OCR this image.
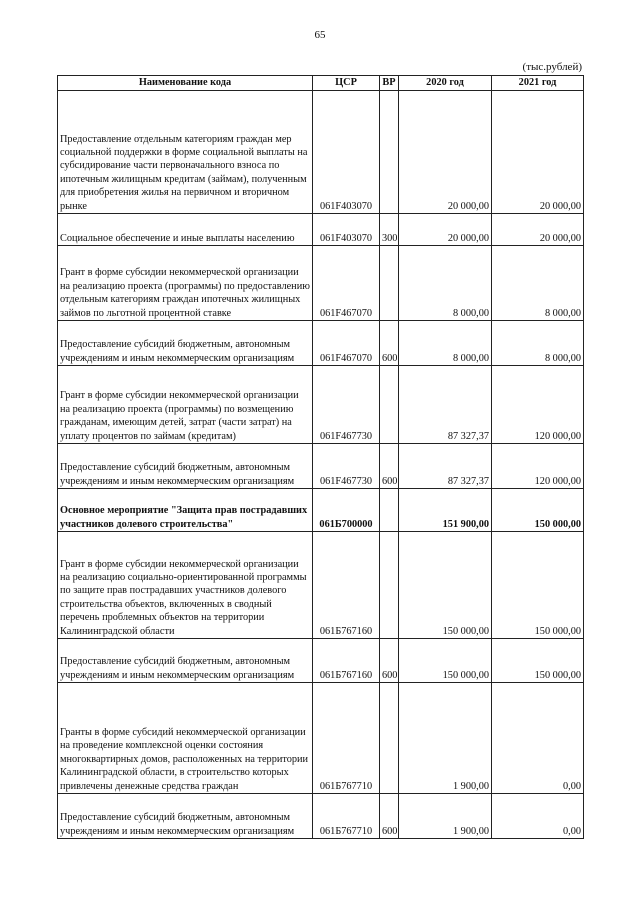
65
(тыс.рублей)
Наименование кода	ЦСР	ВР	2020 год	2021 год
Предоставление отдельным категориям граждан мер социальной поддержки в форме социальной выплаты на субсидирование части первоначального взноса по ипотечным жилищным кредитам (займам), полученным для приобретения жилья на первичном и вторичном рынке	061F403070		20 000,00	20 000,00
Социальное обеспечение и иные выплаты населению	061F403070	300	20 000,00	20 000,00
Грант в форме субсидии некоммерческой организации на реализацию проекта (программы) по предоставлению отдельным категориям граждан ипотечных жилищных займов по льготной процентной ставке	061F467070		8 000,00	8 000,00
Предоставление субсидий бюджетным, автономным учреждениям и иным некоммерческим организациям	061F467070	600	8 000,00	8 000,00
Грант в форме субсидии некоммерческой организации на реализацию проекта (программы) по возмещению гражданам, имеющим детей, затрат (части затрат) на уплату процентов по займам (кредитам)	061F467730		87 327,37	120 000,00
Предоставление субсидий бюджетным, автономным учреждениям и иным некоммерческим организациям	061F467730	600	87 327,37	120 000,00
Основное мероприятие "Защита прав пострадавших участников долевого строительства"	061Б700000		151 900,00	150 000,00
Грант в форме субсидии некоммерческой организации на реализацию социально-ориентированной программы по защите прав пострадавших участников долевого строительства объектов, включенных в сводный перечень проблемных объектов на территории Калининградской области	061Б767160		150 000,00	150 000,00
Предоставление субсидий бюджетным, автономным учреждениям и иным некоммерческим организациям	061Б767160	600	150 000,00	150 000,00
Гранты в форме субсидий некоммерческой организации на проведение комплексной оценки состояния многоквартирных домов, расположенных на территории Калининградской области, в строительство которых привлечены денежные средства граждан	061Б767710		1 900,00	0,00
Предоставление субсидий бюджетным, автономным учреждениям и иным некоммерческим организациям	061Б767710	600	1 900,00	0,00
